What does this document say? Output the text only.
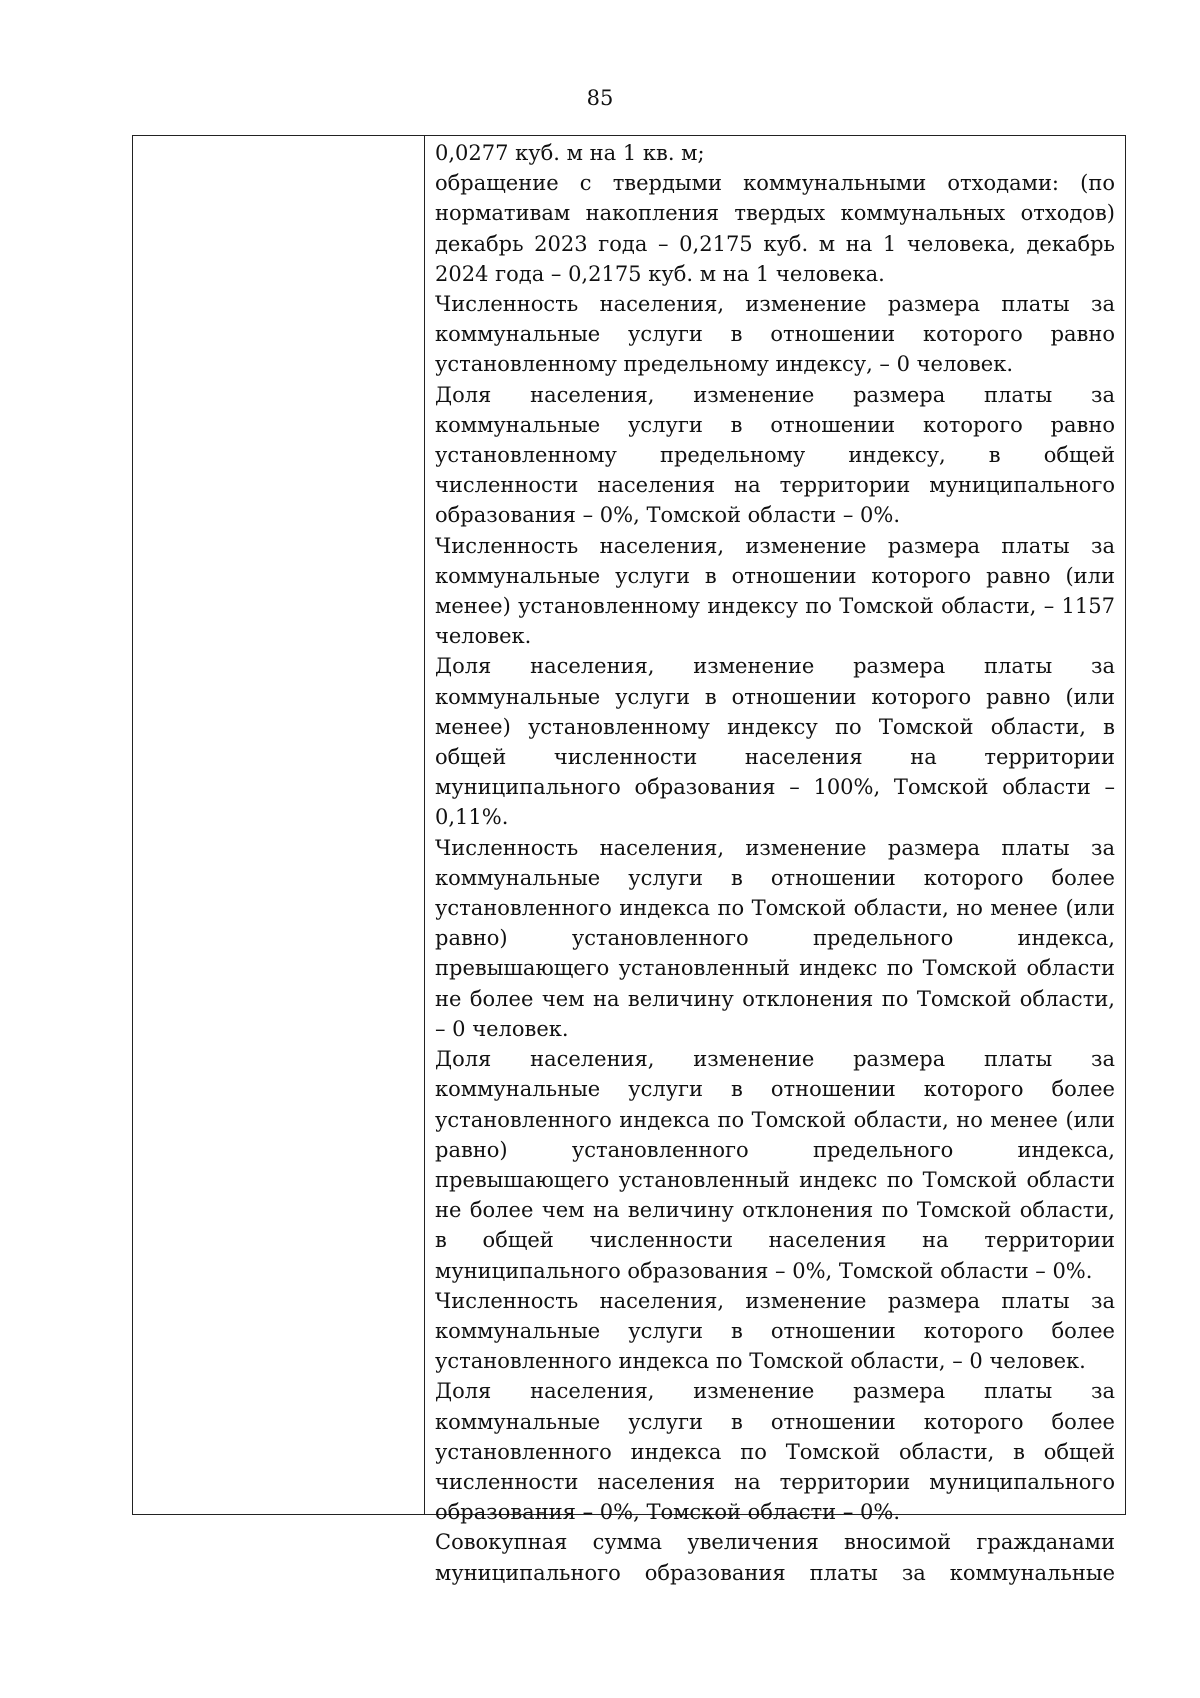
85

0,0277 куб. м на 1 кв. м;

обращение с твердыми коммунальными отходами: (по нормативам накопления твердых коммунальных отходов) декабрь 2023 года – 0,2175 куб. м на 1 человека, декабрь 2024 года – 0,2175 куб. м на 1 человека.

Численность населения, изменение размера платы за коммунальные услуги в отношении которого равно установленному предельному индексу, – 0 человек.

Доля населения, изменение размера платы за коммунальные услуги в отношении которого равно установленному предельному индексу, в общей численности населения на территории муниципального образования – 0%, Томской области – 0%.

Численность населения, изменение размера платы за коммунальные услуги в отношении которого равно (или менее) установленному индексу по Томской области, – 1157 человек.

Доля населения, изменение размера платы за коммунальные услуги в отношении которого равно (или менее) установленному индексу по Томской области, в общей численности населения на территории муниципального образования – 100%, Томской области – 0,11%.

Численность населения, изменение размера платы за коммунальные услуги в отношении которого более установленного индекса по Томской области, но менее (или равно) установленного предельного индекса, превышающего установленный индекс по Томской области не более чем на величину отклонения по Томской области, – 0 человек.

Доля населения, изменение размера платы за коммунальные услуги в отношении которого более установленного индекса по Томской области, но менее (или равно) установленного предельного индекса, превышающего установленный индекс по Томской области не более чем на величину отклонения по Томской области, в общей численности населения на территории муниципального образования – 0%, Томской области – 0%.

Численность населения, изменение размера платы за коммунальные услуги в отношении которого более установленного индекса по Томской области, – 0 человек.

Доля населения, изменение размера платы за коммунальные услуги в отношении которого более установленного индекса по Томской области, в общей численности населения на территории муниципального образования – 0%, Томской области – 0%.

Совокупная сумма увеличения вносимой гражданами муниципального образования платы за коммунальные
